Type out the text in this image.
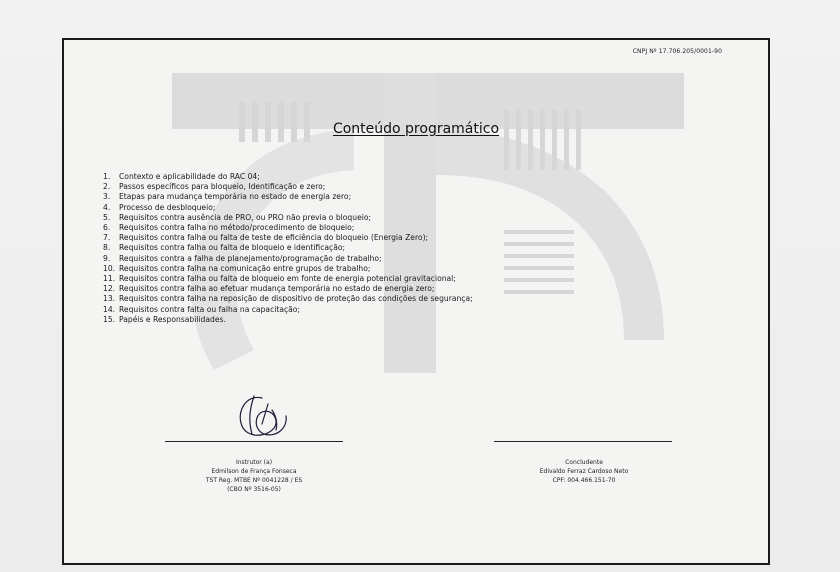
CNPJ Nº 17.706.205/0001-90
Conteúdo programático
1. Contexto e aplicabilidade do RAC 04;
2. Passos específicos para bloqueio, Identificação e zero;
3. Etapas para mudança temporária no estado de energia zero;
4. Processo de desbloqueio;
5. Requisitos contra ausência de PRO, ou PRO não previa o bloqueio;
6. Requisitos contra falha no método/procedimento de bloqueio;
7. Requisitos contra falha ou falta de teste de eficiência do bloqueio (Energia Zero);
8. Requisitos contra falha ou falta de bloqueio e identificação;
9. Requisitos contra a falha de planejamento/programação de trabalho;
10. Requisitos contra falha na comunicação entre grupos de trabalho;
11. Requisitos contra falha ou falta de bloqueio em fonte de energia potencial gravitacional;
12. Requisitos contra falha ao efetuar mudança temporária no estado de energia zero;
13. Requisitos contra falha na reposição de dispositivo de proteção das condições de segurança;
14. Requisitos contra falta ou falha na capacitação;
15. Papéis e Responsabilidades.
Instrutor (a)
Edmilson de França Fonseca
TST Reg. MTBE Nº 0041228 / ES
(CBO Nº 3516-05)
Concludente
Edivaldo Ferraz Cardoso Neto
CPF: 004.466.151-70
